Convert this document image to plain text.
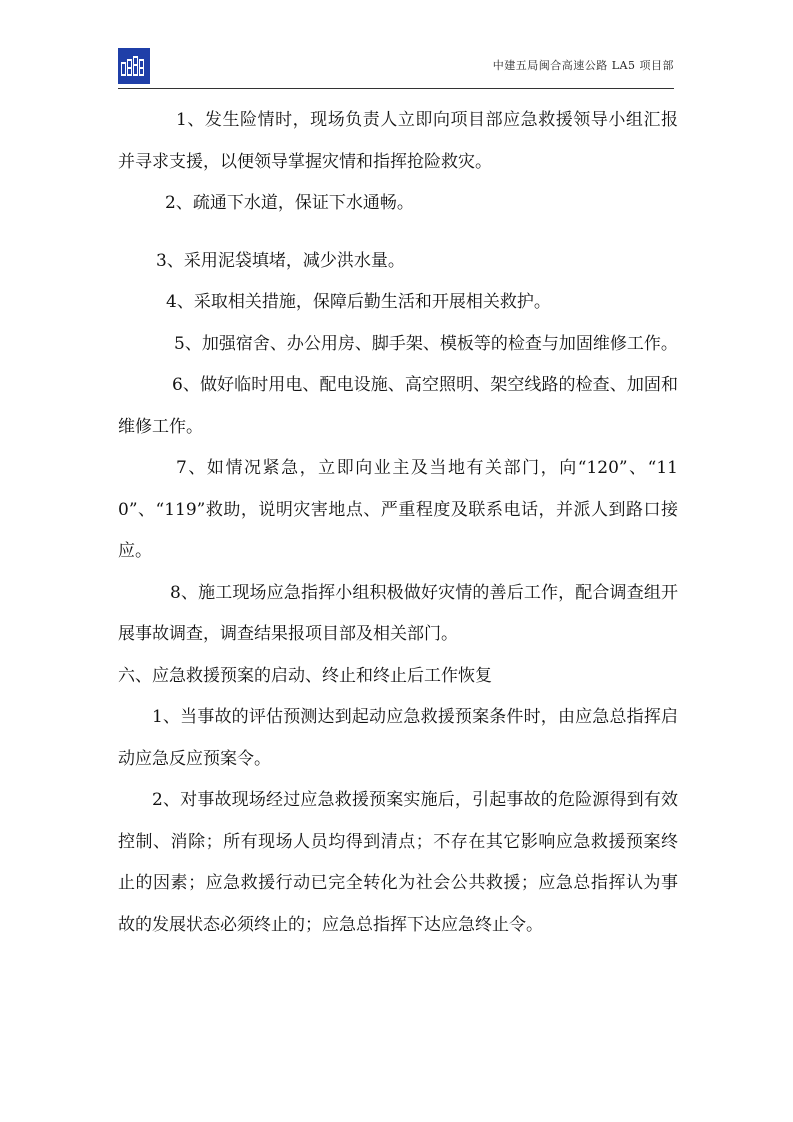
中建五局闽合高速公路 LA5 项目部

1、发生险情时，现场负责人立即向项目部应急救援领导小组汇报并寻求支援，以便领导掌握灾情和指挥抢险救灾。

2、疏通下水道，保证下水通畅。

3、采用泥袋填堵，减少洪水量。

4、采取相关措施，保障后勤生活和开展相关救护。

5、加强宿舍、办公用房、脚手架、模板等的检查与加固维修工作。

6、做好临时用电、配电设施、高空照明、架空线路的检查、加固和维修工作。

7、如情况紧急，立即向业主及当地有关部门，向“120”、“110”、“119”救助，说明灾害地点、严重程度及联系电话，并派人到路口接应。

8、施工现场应急指挥小组积极做好灾情的善后工作，配合调查组开展事故调查，调查结果报项目部及相关部门。

六、应急救援预案的启动、终止和终止后工作恢复

1、当事故的评估预测达到起动应急救援预案条件时，由应急总指挥启动应急反应预案令。

2、对事故现场经过应急救援预案实施后，引起事故的危险源得到有效控制、消除；所有现场人员均得到清点；不存在其它影响应急救援预案终止的因素；应急救援行动已完全转化为社会公共救援；应急总指挥认为事故的发展状态必须终止的；应急总指挥下达应急终止令。
